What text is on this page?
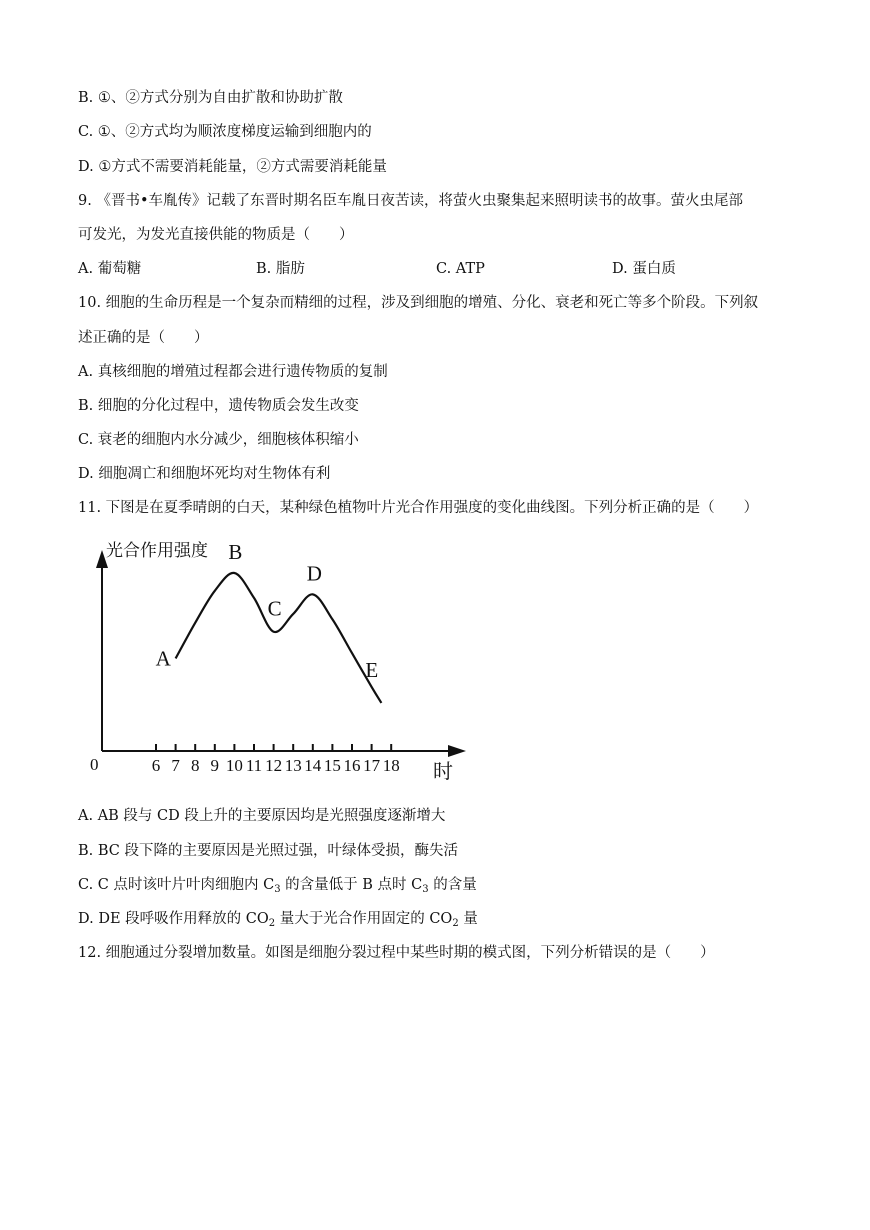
B. ①、②方式分别为自由扩散和协助扩散
C. ①、②方式均为顺浓度梯度运输到细胞内的
D. ①方式不需要消耗能量，②方式需要消耗能量
9. 《晋书•车胤传》记载了东晋时期名臣车胤日夜苦读，将萤火虫聚集起来照明读书的故事。萤火虫尾部
可发光，为发光直接供能的物质是（　　）
A. 葡萄糖	B. 脂肪	C. ATP	D. 蛋白质
10. 细胞的生命历程是一个复杂而精细的过程，涉及到细胞的增殖、分化、衰老和死亡等多个阶段。下列叙
述正确的是（　　）
A. 真核细胞的增殖过程都会进行遗传物质的复制
B. 细胞的分化过程中，遗传物质会发生改变
C. 衰老的细胞内水分减少，细胞核体积缩小
D. 细胞凋亡和细胞坏死均对生物体有利
11. 下图是在夏季晴朗的白天，某种绿色植物叶片光合作用强度的变化曲线图。下列分析正确的是（　　）
光合作用强度
时
0	6 7 8 9 10 11 12 13 14 15 16 17 18
A
B
C
D
E
A. AB 段与 CD 段上升的主要原因均是光照强度逐渐增大
B. BC 段下降的主要原因是光照过强，叶绿体受损，酶失活
C. C 点时该叶片叶肉细胞内 $C_3$ 的含量低于 B 点时 $C_3$ 的含量
D. DE 段呼吸作用释放的 $CO_2$ 量大于光合作用固定的 $CO_2$ 量
12. 细胞通过分裂增加数量。如图是细胞分裂过程中某些时期的模式图，下列分析错误的是（　　）
